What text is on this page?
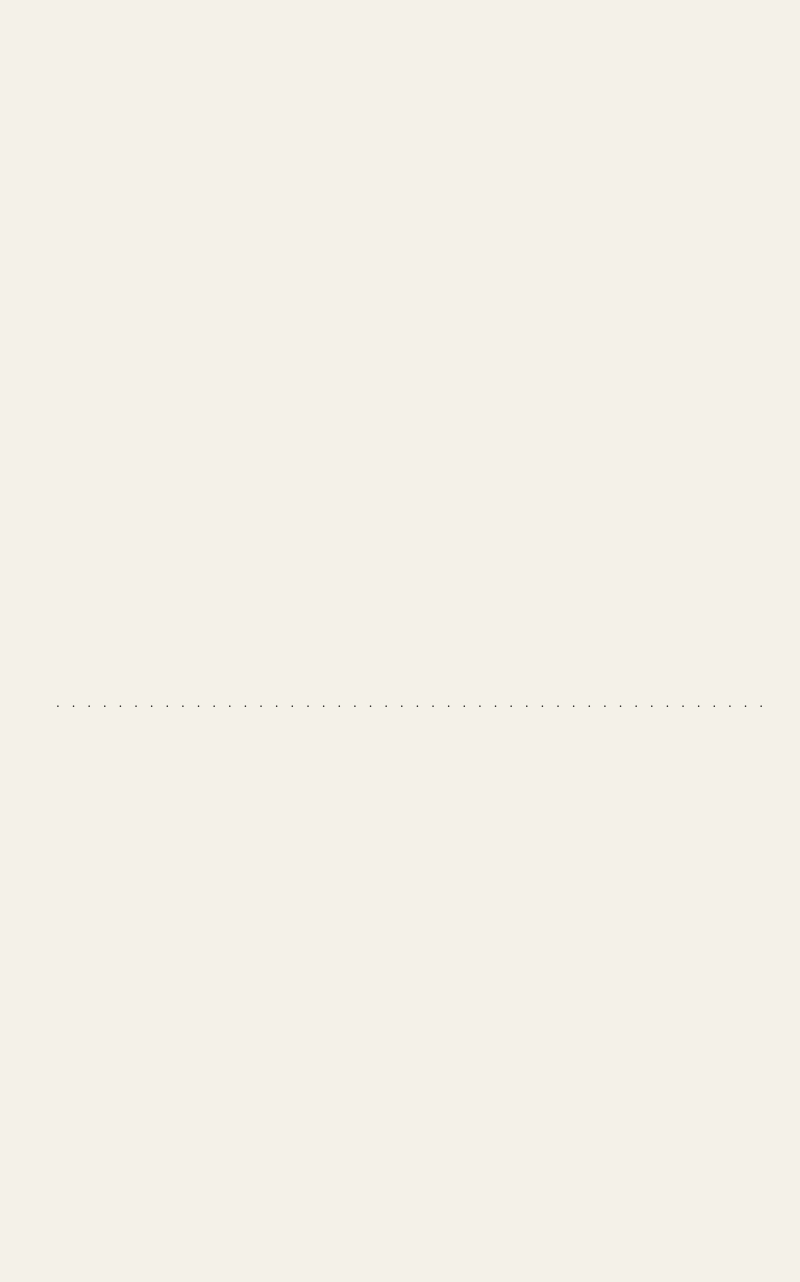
. . .
